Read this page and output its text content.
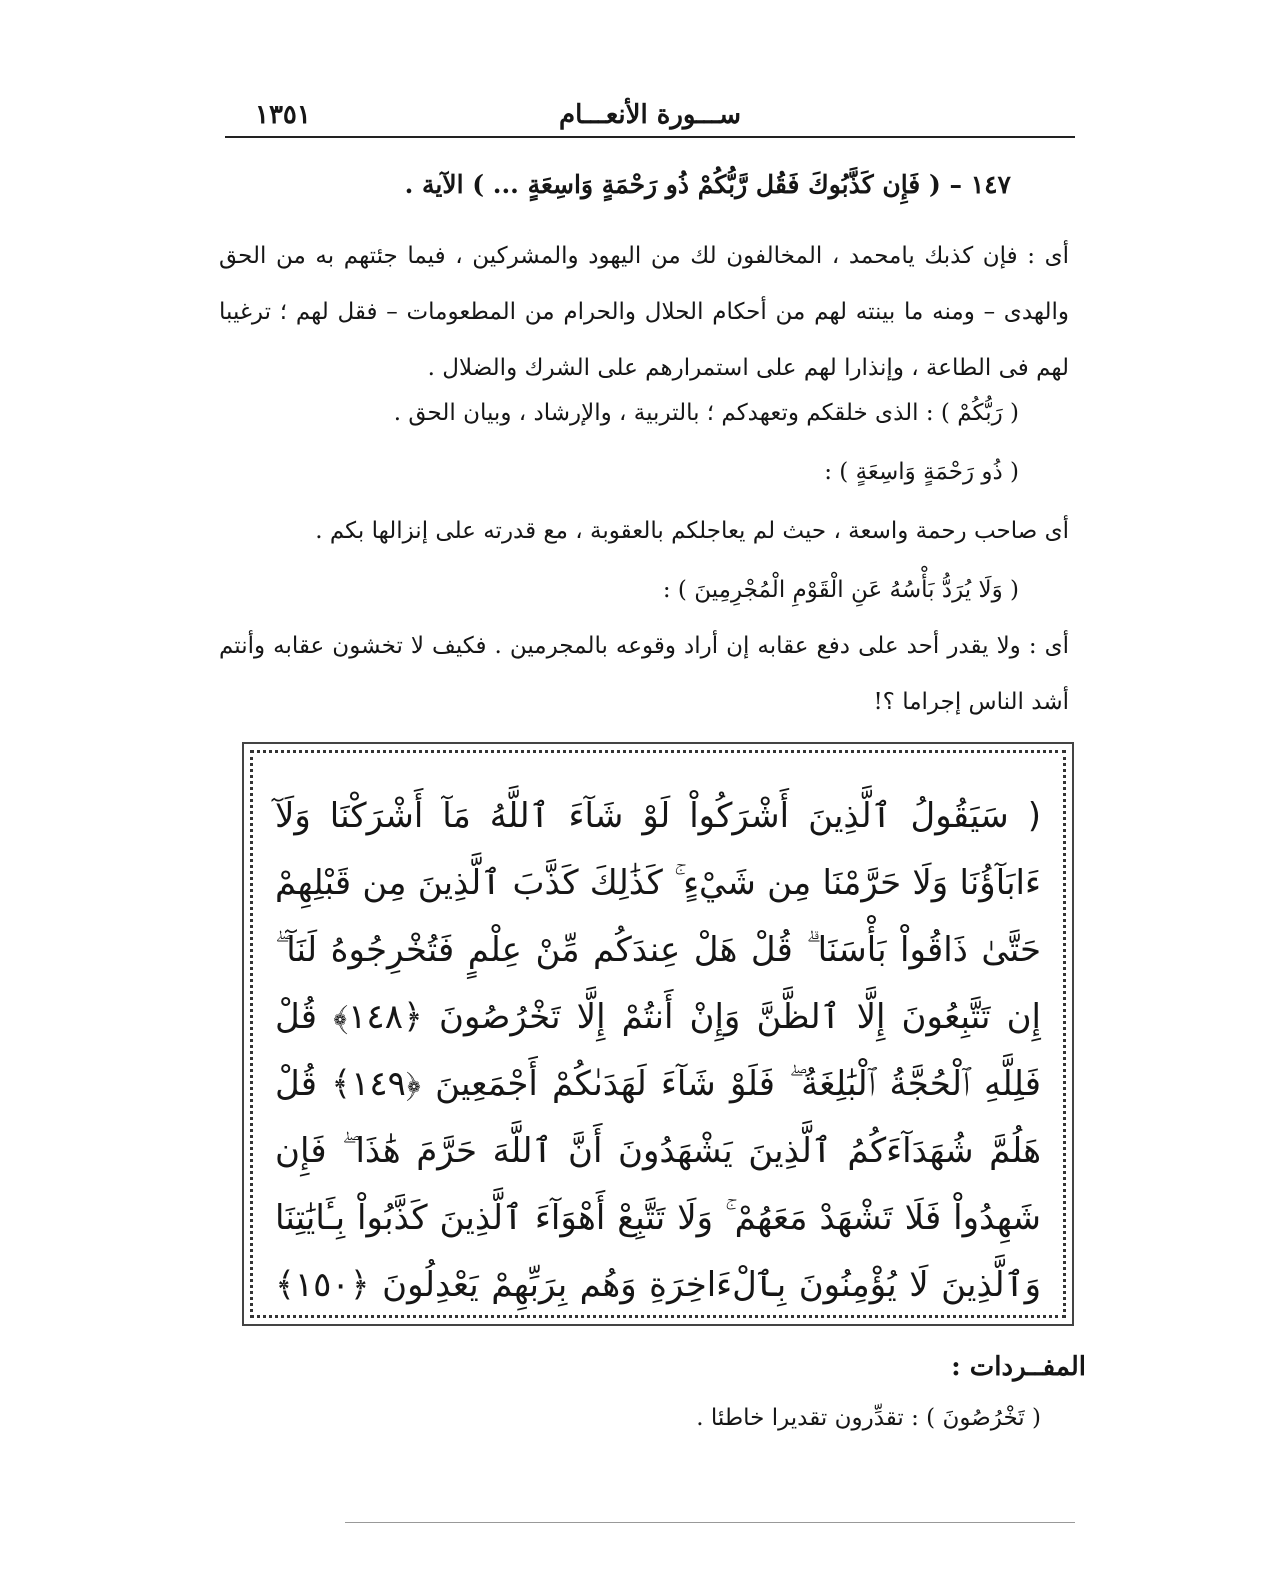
ســـورة الأنعـــام
١٣٥١
١٤٧ – ( فَإِن كَذَّبُوكَ فَقُل رَّبُّكُمْ ذُو رَحْمَةٍ وَاسِعَةٍ ... ) الآية .
أى : فإن كذبك يامحمد ، المخالفون لك من اليهود والمشركين ، فيما جئتهم به من الحق والهدى – ومنه ما بينته لهم من أحكام الحلال والحرام من المطعومات – فقل لهم ؛ ترغيبا لهم فى الطاعة ، وإنذارا لهم على استمرارهم على الشرك والضلال .
( رَبُّكُمْ ) : الذى خلقكم وتعهدكم ؛ بالتربية ، والإرشاد ، وبيان الحق .
( ذُو رَحْمَةٍ وَاسِعَةٍ ) :
أى صاحب رحمة واسعة ، حيث لم يعاجلكم بالعقوبة ، مع قدرته على إنزالها بكم .
( وَلَا يُرَدُّ بَأْسُهُ عَنِ الْقَوْمِ الْمُجْرِمِينَ ) :
أى : ولا يقدر أحد على دفع عقابه إن أراد وقوعه بالمجرمين . فكيف لا تخشون عقابه وأنتم أشد الناس إجراما ؟!
( سَيَقُولُ ٱلَّذِينَ أَشْرَكُواْ لَوْ شَآءَ ٱللَّهُ مَآ أَشْرَكْنَا وَلَآ ءَابَآؤُنَا وَلَا حَرَّمْنَا مِن شَيْءٍ ۚ كَذَٰلِكَ كَذَّبَ ٱلَّذِينَ مِن قَبْلِهِمْ حَتَّىٰ ذَاقُواْ بَأْسَنَا ۗ قُلْ هَلْ عِندَكُم مِّنْ عِلْمٍ فَتُخْرِجُوهُ لَنَآ ۖ إِن تَتَّبِعُونَ إِلَّا ٱلظَّنَّ وَإِنْ أَنتُمْ إِلَّا تَخْرُصُونَ ﴿١٤٨﴾ قُلْ فَلِلَّهِ ٱلْحُجَّةُ ٱلْبَٰلِغَةُ ۖ فَلَوْ شَآءَ لَهَدَىٰكُمْ أَجْمَعِينَ ﴿١٤٩﴾ قُلْ هَلُمَّ شُهَدَآءَكُمُ ٱلَّذِينَ يَشْهَدُونَ أَنَّ ٱللَّهَ حَرَّمَ هَٰذَا ۖ فَإِن شَهِدُواْ فَلَا تَشْهَدْ مَعَهُمْ ۚ وَلَا تَتَّبِعْ أَهْوَآءَ ٱلَّذِينَ كَذَّبُواْ بِـَٔايَٰتِنَا وَٱلَّذِينَ لَا يُؤْمِنُونَ بِٱلْءَاخِرَةِ وَهُم بِرَبِّهِمْ يَعْدِلُونَ ﴿١٥٠﴾
المفــردات :
( تَخْرُصُونَ ) : تقدِّرون تقديرا خاطئا .
